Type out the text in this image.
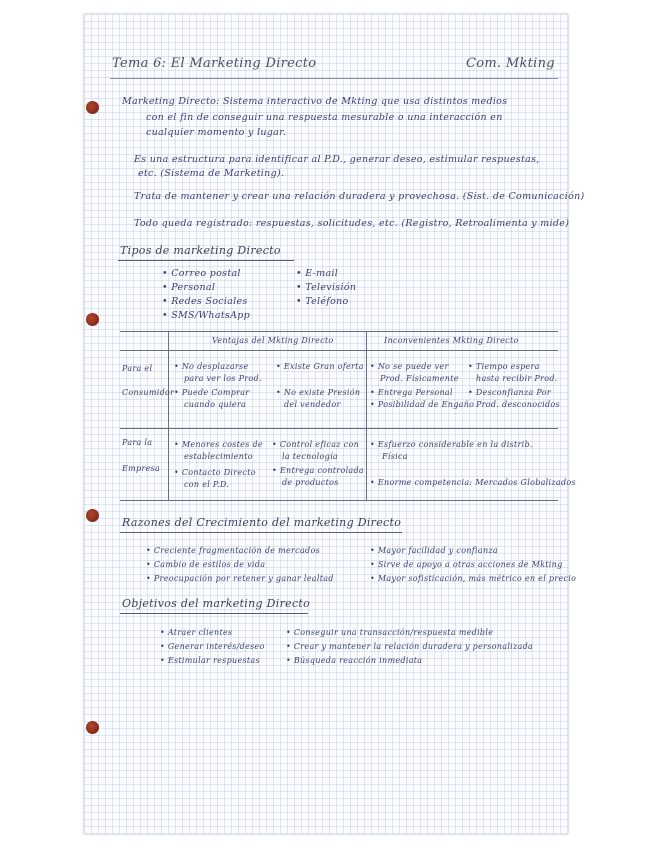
Tema 6: El Marketing Directo	Com. Mkting
Marketing Directo: Sistema interactivo de Mkting que usa distintos medios
con el fin de conseguir una respuesta mesurable o una interacción en
cualquier momento y lugar.
Es una estructura para identificar al P.D., generar deseo, estimular respuestas,
etc. (Sistema de Marketing).
Trata de mantener y crear una relación duradera y provechosa. (Sist. de Comunicación)
Todo queda registrado: respuestas, solicitudes, etc. (Registro, Retroalimenta y mide)
Tipos de marketing Directo
• Correo postal
• Personal
• Redes Sociales
• SMS/WhatsApp
• E-mail
• Televisión
• Teléfono
Ventajas del Mkting Directo	Inconvenientes Mkting Directo
Para el
Consumidor
• No desplazarse
para ver los Prod.
• Puede Comprar
cuando quiera
• Existe Gran oferta
• No existe Presión
del vendedor
• No se puede ver
Prod. Físicamente
• Entrega Personal
• Posibilidad de Engaño
• Tiempo espera
hasta recibir Prod.
• Desconfianza Por
Prod. desconocidos
Para la
Empresa
• Menores costes de
establecimiento
• Contacto Directo
con el P.D.
• Control eficaz con
la tecnología
• Entrega controlada
de productos
• Esfuerzo considerable en la distrib.
Física
• Enorme competencia: Mercados Globalizados
Razones del Crecimiento del marketing Directo
• Creciente fragmentación de mercados
• Cambio de estilos de vida
• Preocupación por retener y ganar lealtad
• Mayor facilidad y confianza
• Sirve de apoyo a otras acciones de Mkting
• Mayor sofisticación, más métrico en el precio
Objetivos del marketing Directo
• Atraer clientes
• Generar interés/deseo
• Estimular respuestas
• Conseguir una transacción/respuesta medible
• Crear y mantener la relación duradera y personalizada
• Búsqueda reacción inmediata
